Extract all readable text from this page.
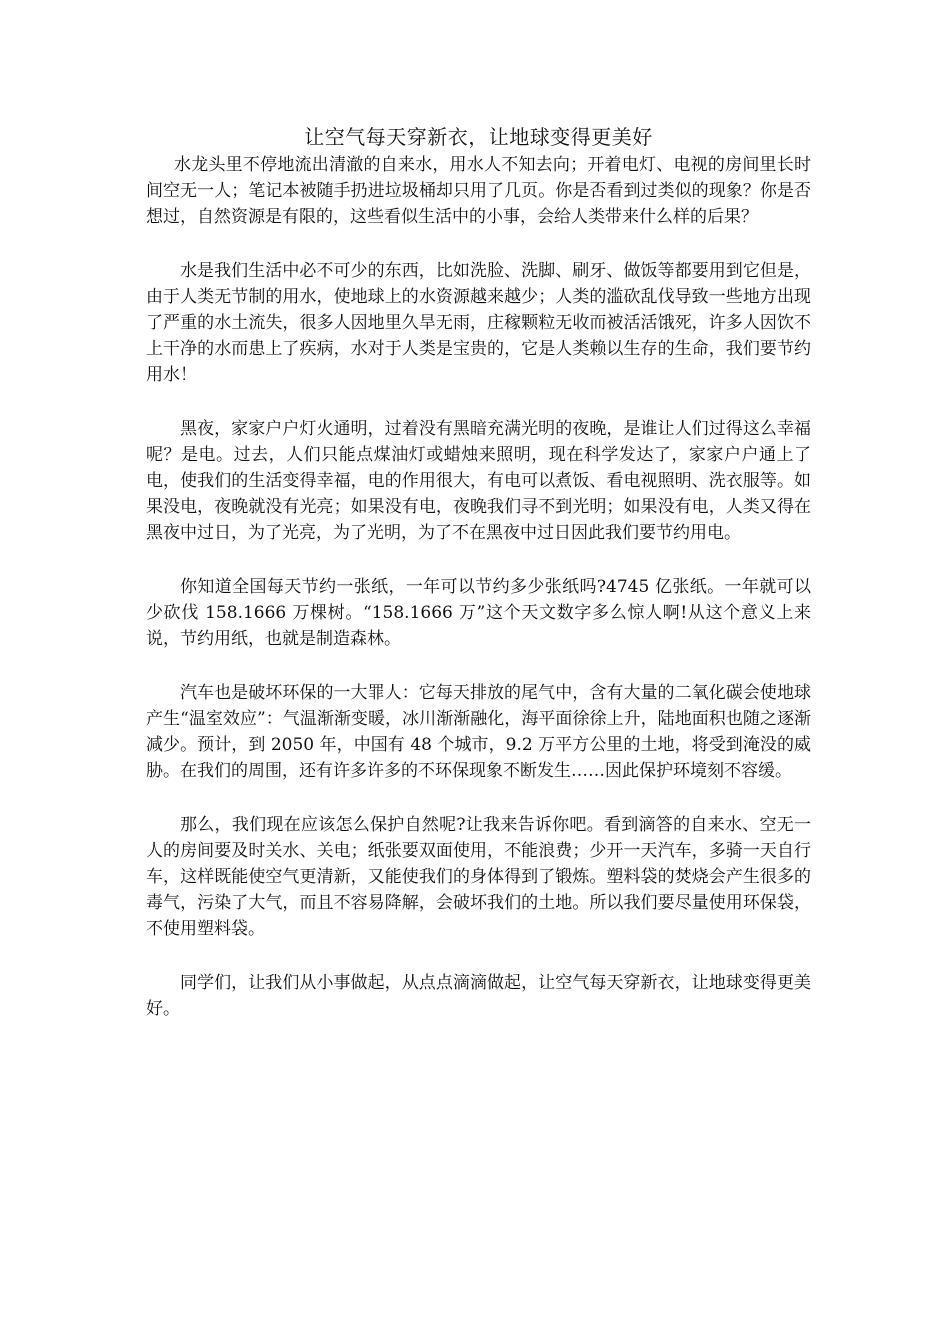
让空气每天穿新衣，让地球变得更美好

水龙头里不停地流出清澈的自来水，用水人不知去向；开着电灯、电视的房间里长时间空无一人；笔记本被随手扔进垃圾桶却只用了几页。你是否看到过类似的现象？你是否想过，自然资源是有限的，这些看似生活中的小事，会给人类带来什么样的后果？

水是我们生活中必不可少的东西，比如洗脸、洗脚、刷牙、做饭等都要用到它但是，由于人类无节制的用水，使地球上的水资源越来越少；人类的滥砍乱伐导致一些地方出现了严重的水土流失，很多人因地里久旱无雨，庄稼颗粒无收而被活活饿死，许多人因饮不上干净的水而患上了疾病，水对于人类是宝贵的，它是人类赖以生存的生命，我们要节约用水！

黑夜，家家户户灯火通明，过着没有黑暗充满光明的夜晚，是谁让人们过得这么幸福呢？是电。过去，人们只能点煤油灯或蜡烛来照明，现在科学发达了，家家户户通上了电，使我们的生活变得幸福，电的作用很大，有电可以煮饭、看电视照明、洗衣服等。如果没电，夜晚就没有光亮；如果没有电，夜晚我们寻不到光明；如果没有电，人类又得在黑夜中过日，为了光亮，为了光明，为了不在黑夜中过日因此我们要节约用电。

你知道全国每天节约一张纸，一年可以节约多少张纸吗?4745 亿张纸。一年就可以少砍伐 158.1666 万棵树。“158.1666 万”这个天文数字多么惊人啊!从这个意义上来说，节约用纸，也就是制造森林。

汽车也是破坏环保的一大罪人：它每天排放的尾气中，含有大量的二氧化碳会使地球产生“温室效应”：气温渐渐变暖，冰川渐渐融化，海平面徐徐上升，陆地面积也随之逐渐减少。预计，到 2050 年，中国有 48 个城市，9.2 万平方公里的土地，将受到淹没的威胁。在我们的周围，还有许多许多的不环保现象不断发生……因此保护环境刻不容缓。

那么，我们现在应该怎么保护自然呢?让我来告诉你吧。看到滴答的自来水、空无一人的房间要及时关水、关电；纸张要双面使用，不能浪费；少开一天汽车，多骑一天自行车，这样既能使空气更清新，又能使我们的身体得到了锻炼。塑料袋的焚烧会产生很多的毒气，污染了大气，而且不容易降解，会破坏我们的土地。所以我们要尽量使用环保袋，不使用塑料袋。

同学们，让我们从小事做起，从点点滴滴做起，让空气每天穿新衣，让地球变得更美好。
